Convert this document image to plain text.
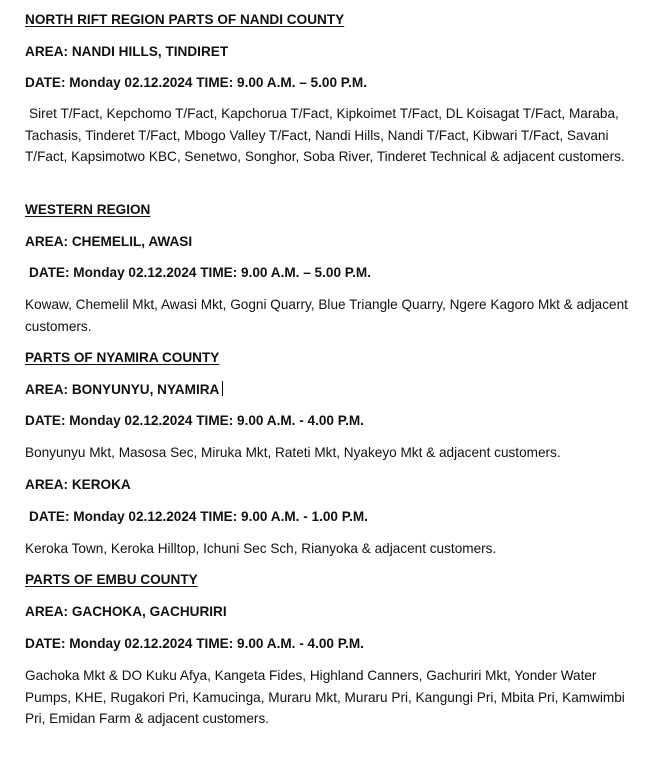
NORTH RIFT REGION PARTS OF NANDI COUNTY
AREA: NANDI HILLS, TINDIRET
DATE: Monday 02.12.2024 TIME: 9.00 A.M. – 5.00 P.M.
Siret T/Fact, Kepchomo T/Fact, Kapchorua T/Fact, Kipkoimet T/Fact, DL Koisagat T/Fact, Maraba, Tachasis, Tinderet T/Fact, Mbogo Valley T/Fact, Nandi Hills, Nandi T/Fact, Kibwari T/Fact, Savani T/Fact, Kapsimotwo KBC, Senetwo, Songhor, Soba River, Tinderet Technical & adjacent customers.
WESTERN REGION
AREA: CHEMELIL, AWASI
DATE: Monday 02.12.2024 TIME: 9.00 A.M. – 5.00 P.M.
Kowaw, Chemelil Mkt, Awasi Mkt, Gogni Quarry, Blue Triangle Quarry, Ngere Kagoro Mkt & adjacent customers.
PARTS OF NYAMIRA COUNTY
AREA: BONYUNYU, NYAMIRA
DATE: Monday 02.12.2024 TIME: 9.00 A.M. - 4.00 P.M.
Bonyunyu Mkt, Masosa Sec, Miruka Mkt, Rateti Mkt, Nyakeyo Mkt & adjacent customers.
AREA: KEROKA
DATE: Monday 02.12.2024 TIME: 9.00 A.M. - 1.00 P.M.
Keroka Town, Keroka Hilltop, Ichuni Sec Sch, Rianyoka & adjacent customers.
PARTS OF EMBU COUNTY
AREA: GACHOKA, GACHURIRI
DATE: Monday 02.12.2024 TIME: 9.00 A.M. - 4.00 P.M.
Gachoka Mkt & DO Kuku Afya, Kangeta Fides, Highland Canners, Gachuriri Mkt, Yonder Water Pumps, KHE, Rugakori Pri, Kamucinga, Muraru Mkt, Muraru Pri, Kangungi Pri, Mbita Pri, Kamwimbi Pri, Emidan Farm & adjacent customers.
